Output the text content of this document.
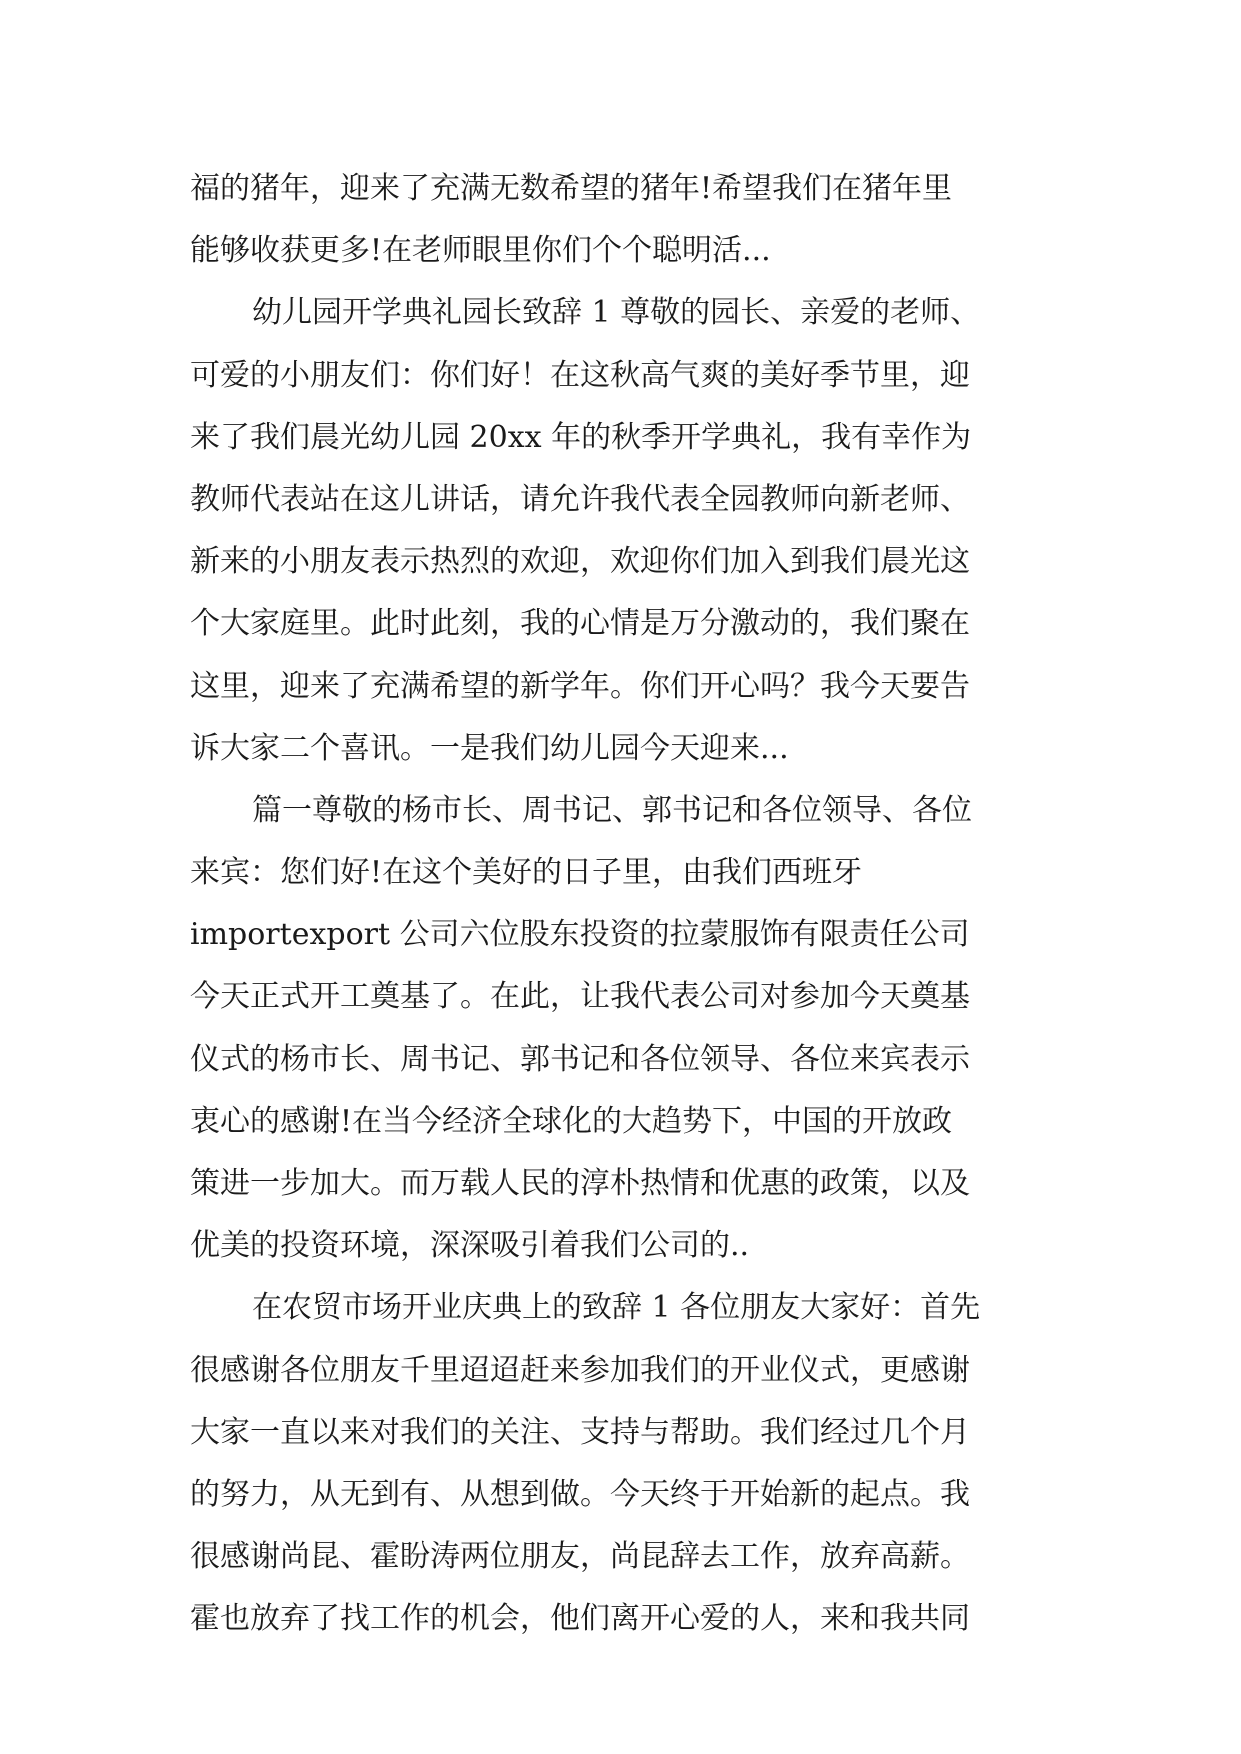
福的猪年，迎来了充满无数希望的猪年!希望我们在猪年里
能够收获更多!在老师眼里你们个个聪明活...
幼儿园开学典礼园长致辞 1 尊敬的园长、亲爱的老师、
可爱的小朋友们：你们好！在这秋高气爽的美好季节里，迎
来了我们晨光幼儿园 20xx 年的秋季开学典礼，我有幸作为
教师代表站在这儿讲话，请允许我代表全园教师向新老师、
新来的小朋友表示热烈的欢迎，欢迎你们加入到我们晨光这
个大家庭里。此时此刻，我的心情是万分激动的，我们聚在
这里，迎来了充满希望的新学年。你们开心吗？我今天要告
诉大家二个喜讯。一是我们幼儿园今天迎来...
篇一尊敬的杨市长、周书记、郭书记和各位领导、各位
来宾：您们好!在这个美好的日子里，由我们西班牙
importexport 公司六位股东投资的拉蒙服饰有限责任公司
今天正式开工奠基了。在此，让我代表公司对参加今天奠基
仪式的杨市长、周书记、郭书记和各位领导、各位来宾表示
衷心的感谢!在当今经济全球化的大趋势下，中国的开放政
策进一步加大。而万载人民的淳朴热情和优惠的政策，以及
优美的投资环境，深深吸引着我们公司的..
在农贸市场开业庆典上的致辞 1 各位朋友大家好：首先
很感谢各位朋友千里迢迢赶来参加我们的开业仪式，更感谢
大家一直以来对我们的关注、支持与帮助。我们经过几个月
的努力，从无到有、从想到做。今天终于开始新的起点。我
很感谢尚昆、霍盼涛两位朋友，尚昆辞去工作，放弃高薪。
霍也放弃了找工作的机会，他们离开心爱的人，来和我共同
